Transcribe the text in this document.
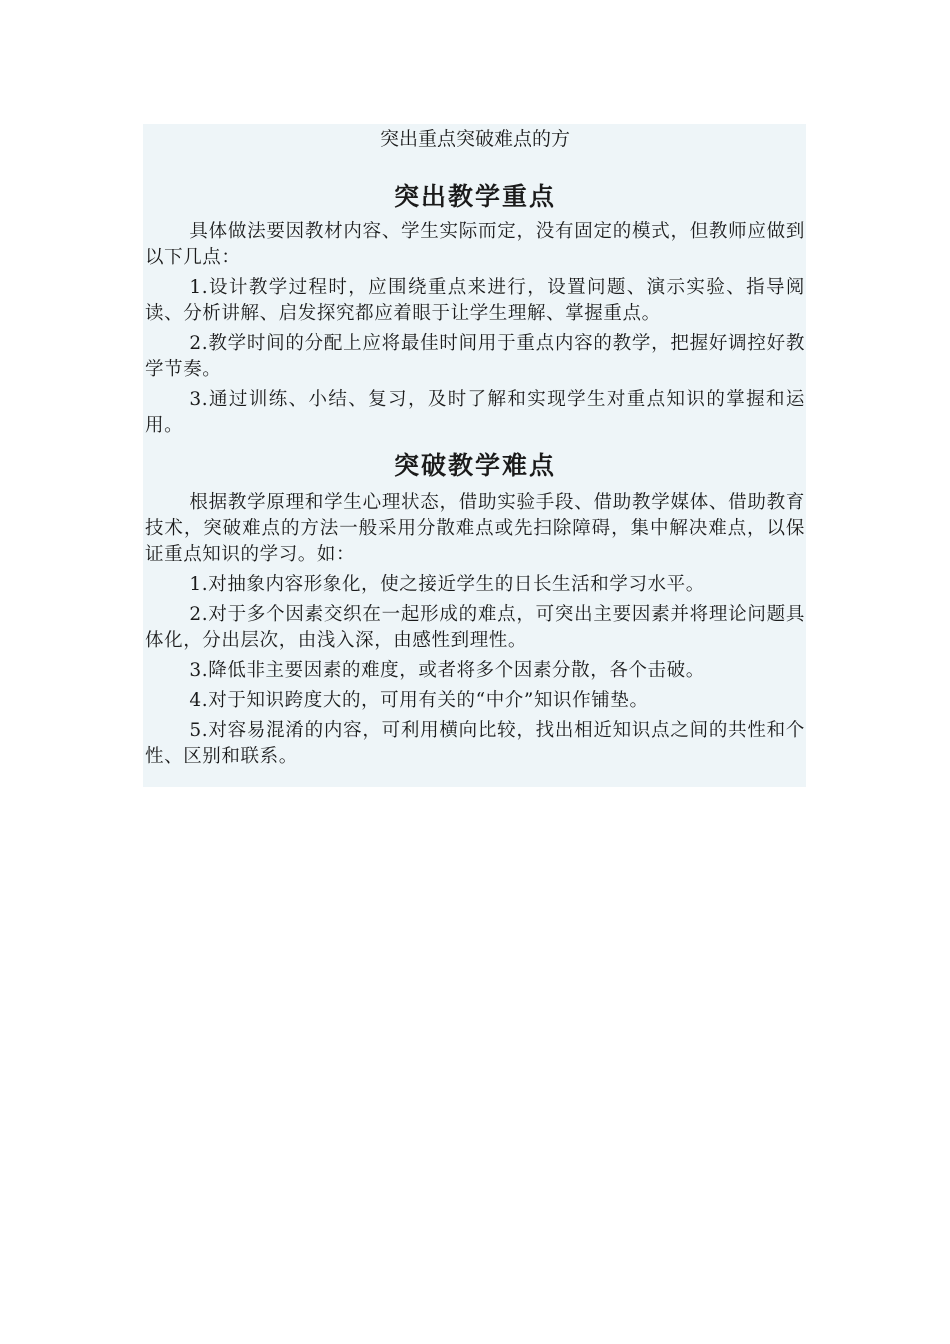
突出重点突破难点的方
突出教学重点

具体做法要因教材内容、学生实际而定，没有固定的模式，但教师应做到以下几点：

1.设计教学过程时，应围绕重点来进行，设置问题、演示实验、指导阅读、分析讲解、启发探究都应着眼于让学生理解、掌握重点。

2.教学时间的分配上应将最佳时间用于重点内容的教学，把握好调控好教学节奏。

3.通过训练、小结、复习，及时了解和实现学生对重点知识的掌握和运用。

突破教学难点

根据教学原理和学生心理状态，借助实验手段、借助教学媒体、借助教育技术，突破难点的方法一般采用分散难点或先扫除障碍，集中解决难点，以保证重点知识的学习。如：

1.对抽象内容形象化，使之接近学生的日长生活和学习水平。

2.对于多个因素交织在一起形成的难点，可突出主要因素并将理论问题具体化，分出层次，由浅入深，由感性到理性。

3.降低非主要因素的难度，或者将多个因素分散，各个击破。

4.对于知识跨度大的，可用有关的“中介”知识作铺垫。

5.对容易混淆的内容，可利用横向比较，找出相近知识点之间的共性和个性、区别和联系。
